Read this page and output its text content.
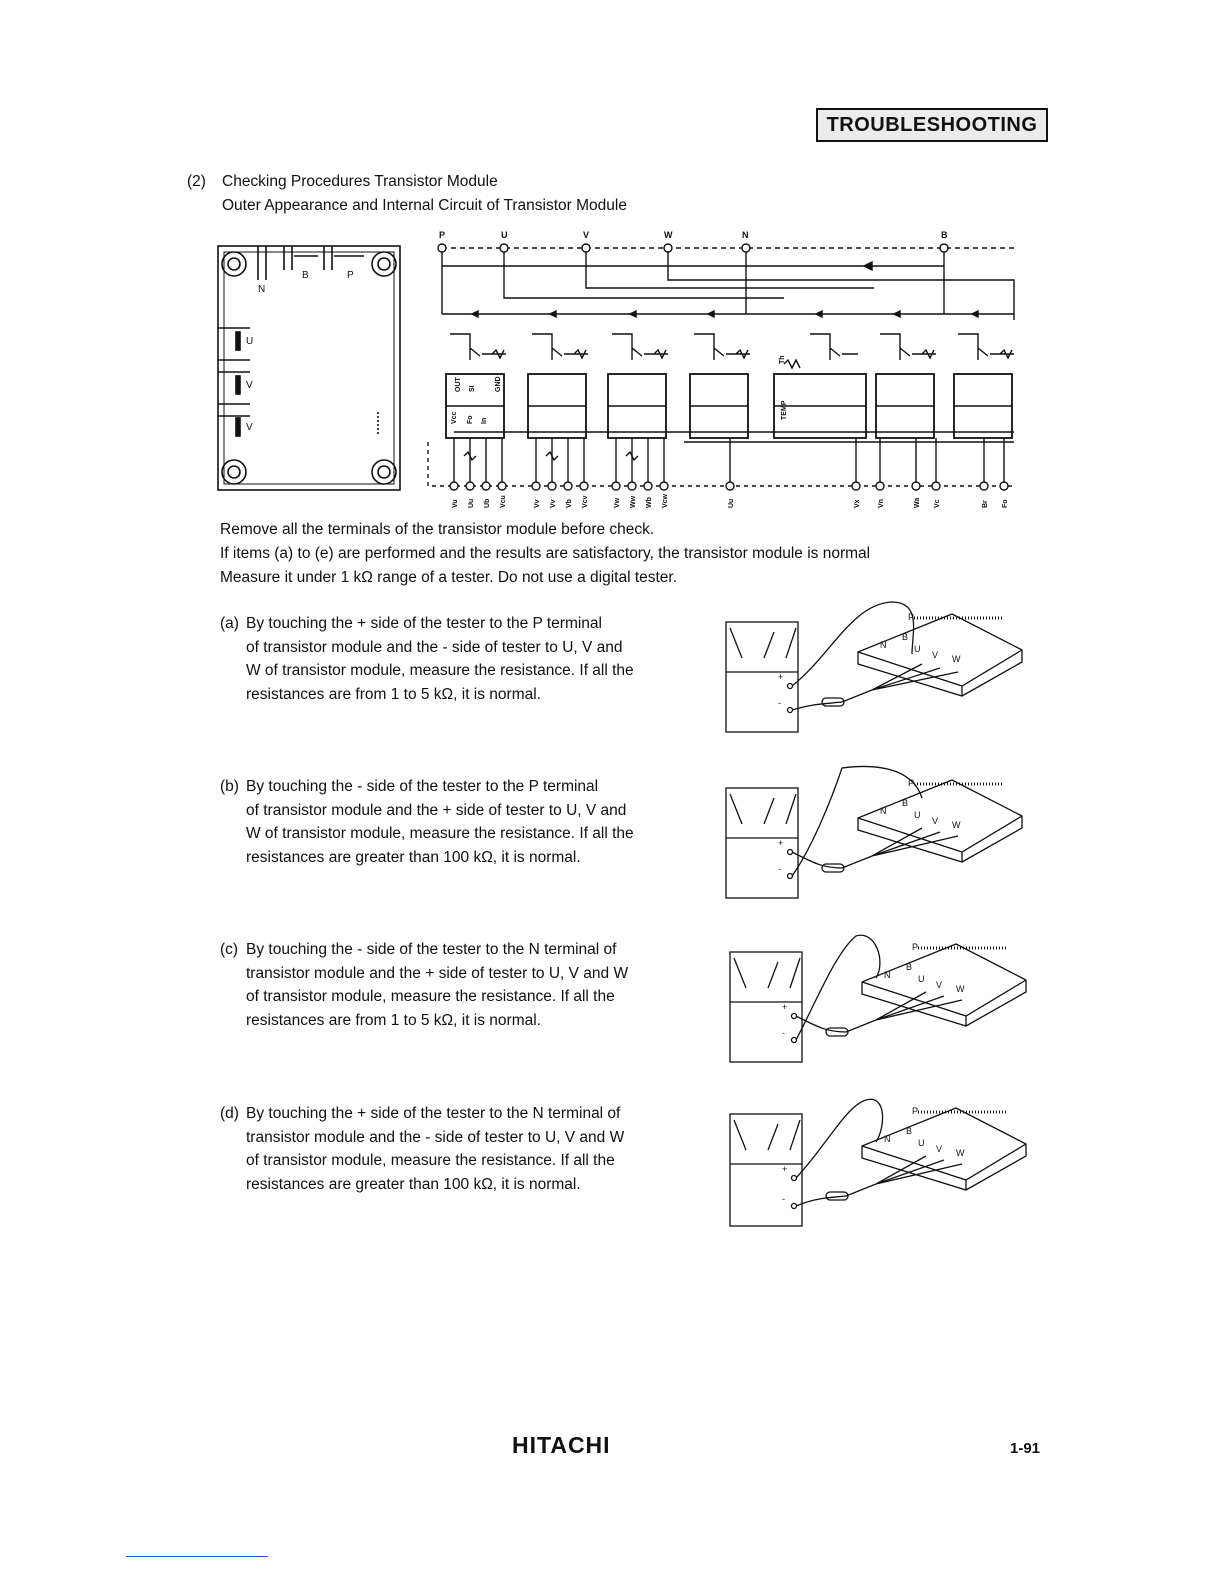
TROUBLESHOOTING
(2) Checking Procedures Transistor Module
Outer Appearance and Internal Circuit of Transistor Module
N
B	P
U
V
V
P	U	V	W	N	B
OUT SI	GND
Vcc Fo In
TEMP
Th
Vu Uu Ub Vcu	Vv Vv Vb Vcv	Vw Ww Wb Vcw	Uu	Vx Vn	Wa Vc	Br Fo
Remove all the terminals of the transistor module before check.
If items (a) to (e) are performed and the results are satisfactory, the transistor module is normal
Measure it under 1 kΩ range of a tester. Do not use a digital tester.
(a) By touching the + side of the tester to the P terminal
of transistor module and the - side of tester to U, V and
W of transistor module, measure the resistance. If all the
resistances are from 1 to 5 kΩ, it is normal.
(b) By touching the - side of the tester to the P terminal
of transistor module and the + side of tester to U, V and
W of transistor module, measure the resistance. If all the
resistances are greater than 100 kΩ, it is normal.
(c) By touching the - side of the tester to the N terminal of
transistor module and the + side of tester to U, V and W
of transistor module, measure the resistance. If all the
resistances are from 1 to 5 kΩ, it is normal.
(d) By touching the + side of the tester to the N terminal of
transistor module and the - side of tester to U, V and W
of transistor module, measure the resistance. If all the
resistances are greater than 100 kΩ, it is normal.
+
-
P
B
N	U
V W
+
-
P
B
N	U
V W
+
-
P
B
N	U
V W
+
-
P
B
N	U
V W
HITACHI	1-91
